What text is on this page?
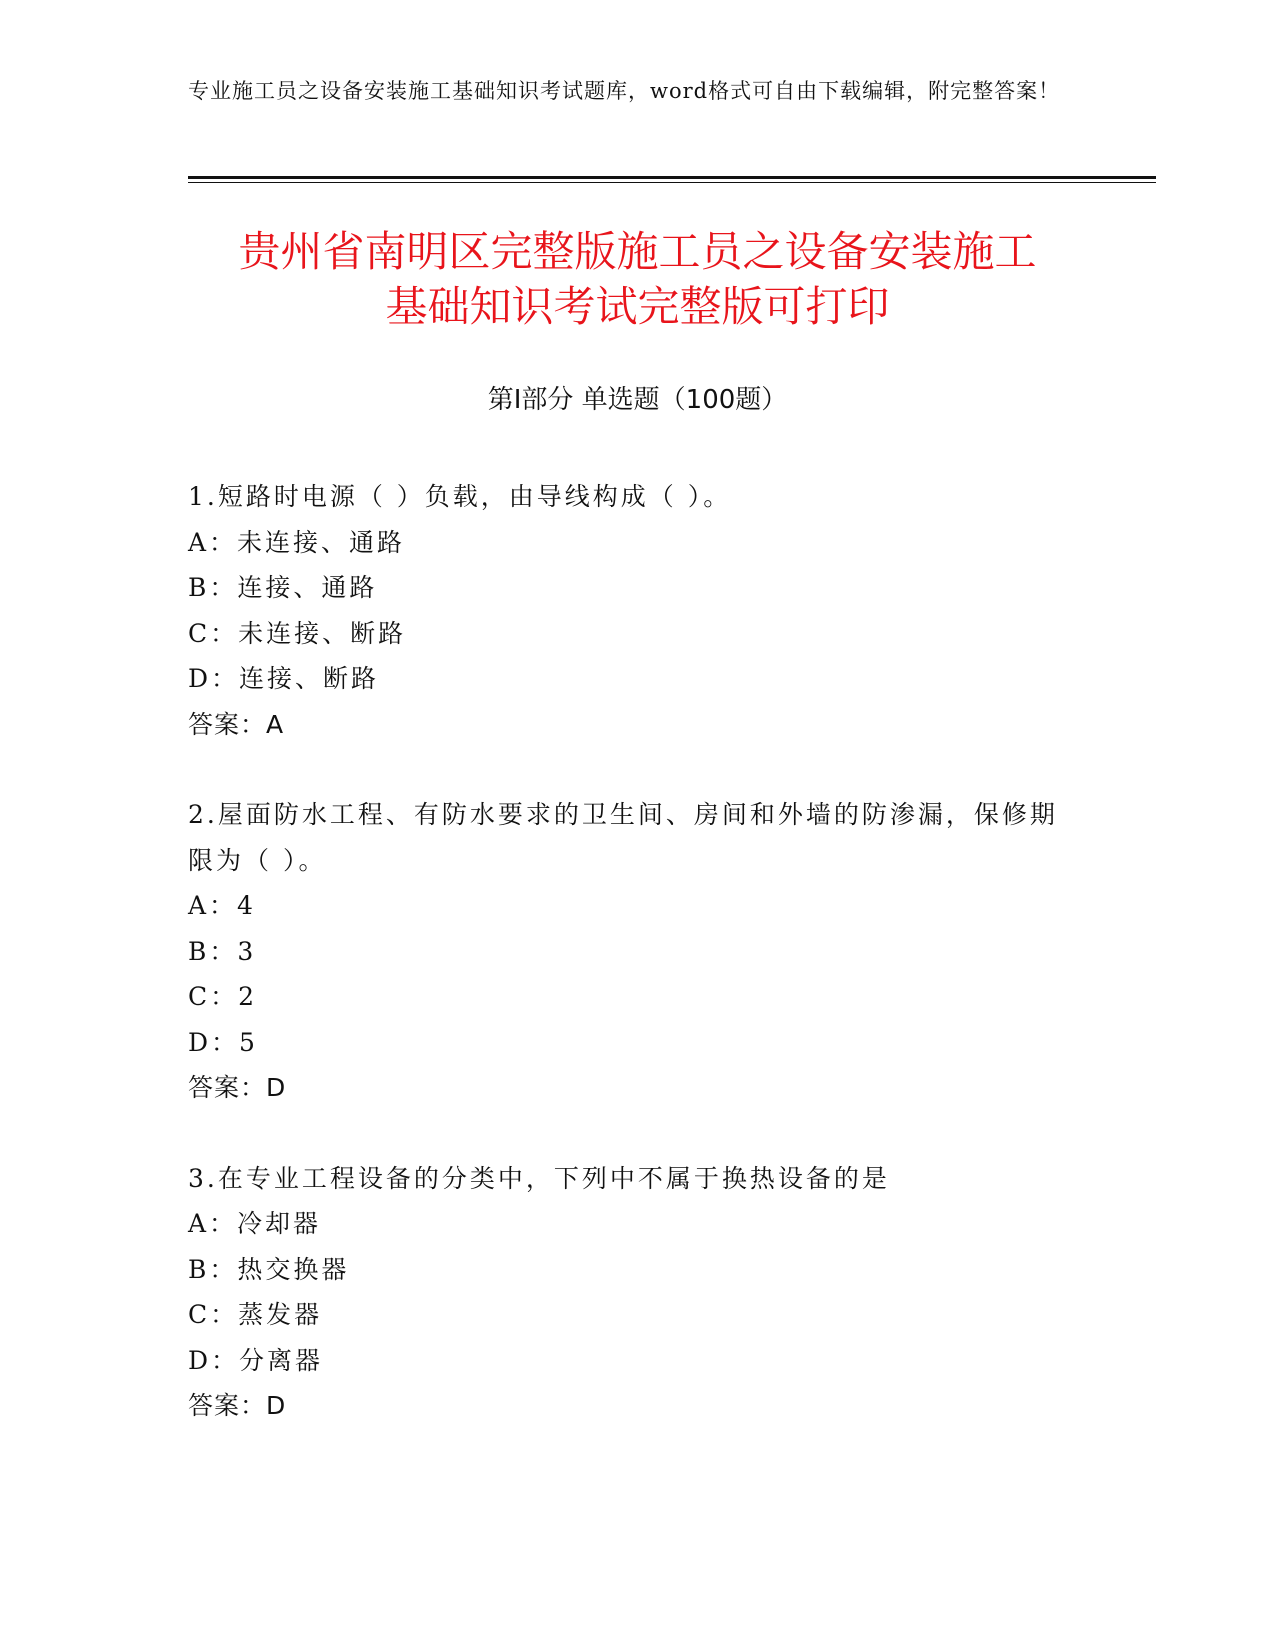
专业施工员之设备安装施工基础知识考试题库，word格式可自由下载编辑，附完整答案！
贵州省南明区完整版施工员之设备安装施工
基础知识考试完整版可打印
第Ⅰ部分 单选题（100题）
1.短路时电源（ ）负载，由导线构成（ ）。
A：未连接、通路
B：连接、通路
C：未连接、断路
D：连接、断路
答案：A
2.屋面防水工程、有防水要求的卫生间、房间和外墙的防渗漏，保修期限为（ ）。
A：4
B：3
C：2
D：5
答案：D
3.在专业工程设备的分类中，下列中不属于换热设备的是
A：冷却器
B：热交换器
C：蒸发器
D：分离器
答案：D
